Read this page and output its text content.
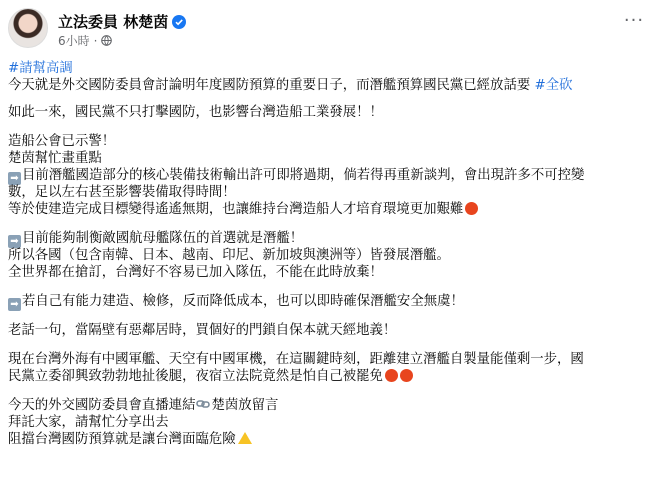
立法委員 林楚茵
6小時 ·
···
#請幫高調
今天就是外交國防委員會討論明年度國防預算的重要日子，而潛艦預算國民黨已經放話要 #全砍
如此一來，國民黨不只打擊國防，也影響台灣造船工業發展！！
造船公會已示警！
楚茵幫忙畫重點
➡ 目前潛艦國造部分的核心裝備技術輸出許可即將過期，倘若得再重新談判，會出現許多不可控變
數，足以左右甚至影響裝備取得時間！
等於使建造完成目標變得遙遙無期，也讓維持台灣造船人才培育環境更加艱難
➡ 目前能夠制衡敵國航母艦隊伍的首選就是潛艦！
所以各國（包含南韓、日本、越南、印尼、新加坡與澳洲等）皆發展潛艦。
全世界都在搶訂，台灣好不容易已加入隊伍，不能在此時放棄！
➡ 若自己有能力建造、檢修，反而降低成本，也可以即時確保潛艦安全無虞！
老話一句，當隔壁有惡鄰居時，買個好的門鎖自保本就天經地義！
現在台灣外海有中國軍艦、天空有中國軍機，在這關鍵時刻，距離建立潛艦自製量能僅剩一步，國
民黨立委卻興致勃勃地扯後腿，夜宿立法院竟然是怕自己被罷免
今天的外交國防委員會直播連結 楚茵放留言
拜託大家，請幫忙分享出去
阻擋台灣國防預算就是讓台灣面臨危險
